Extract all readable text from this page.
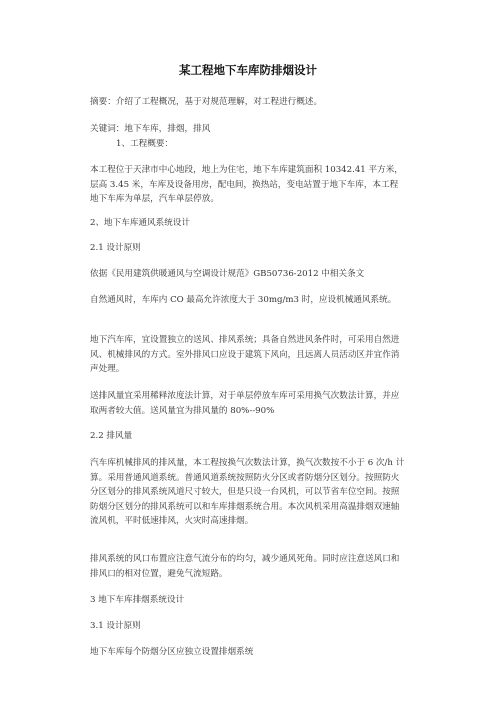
某工程地下车库防排烟设计

摘要：介绍了工程概况，基于对规范理解，对工程进行概述。

关键词：地下车库，排烟，排风

1、工程概要：

本工程位于天津市中心地段，地上为住宅，地下车库建筑面积 10342.41 平方米，层高 3.45 米，车库及设备用房，配电间，换热站，变电站置于地下车库，本工程地下车库为单层，汽车单层停放。

2、地下车库通风系统设计

2.1 设计原则

依据《民用建筑供暖通风与空调设计规范》GB50736-2012 中相关条文

自然通风时，车库内 CO 最高允许浓度大于 30mg/m3 时，应设机械通风系统。

地下汽车库，宜设置独立的送风、排风系统；具备自然进风条件时，可采用自然进风、机械排风的方式。室外排风口应设于建筑下风向，且远离人员活动区并宜作消声处理。

送排风量宜采用稀释浓度法计算，对于单层停放车库可采用换气次数法计算，并应取两者较大值。送风量宜为排风量的 80%--90%

2.2 排风量

汽车库机械排风的排风量，本工程按换气次数法计算，换气次数按不小于 6 次/h 计算。采用普通风道系统。普通风道系统按照防火分区或者防烟分区划分。按照防火分区划分的排风系统风道尺寸较大，但是只设一台风机，可以节省车位空间。按照防烟分区划分的排风系统可以和车库排烟系统合用。本次风机采用高温排烟双速轴流风机，平时低速排风，火灾时高速排烟。

排风系统的风口布置应注意气流分布的均匀，减少通风死角。同时应注意送风口和排风口的相对位置，避免气流短路。

3 地下车库排烟系统设计

3.1 设计原则

地下车库每个防烟分区应独立设置排烟系统
